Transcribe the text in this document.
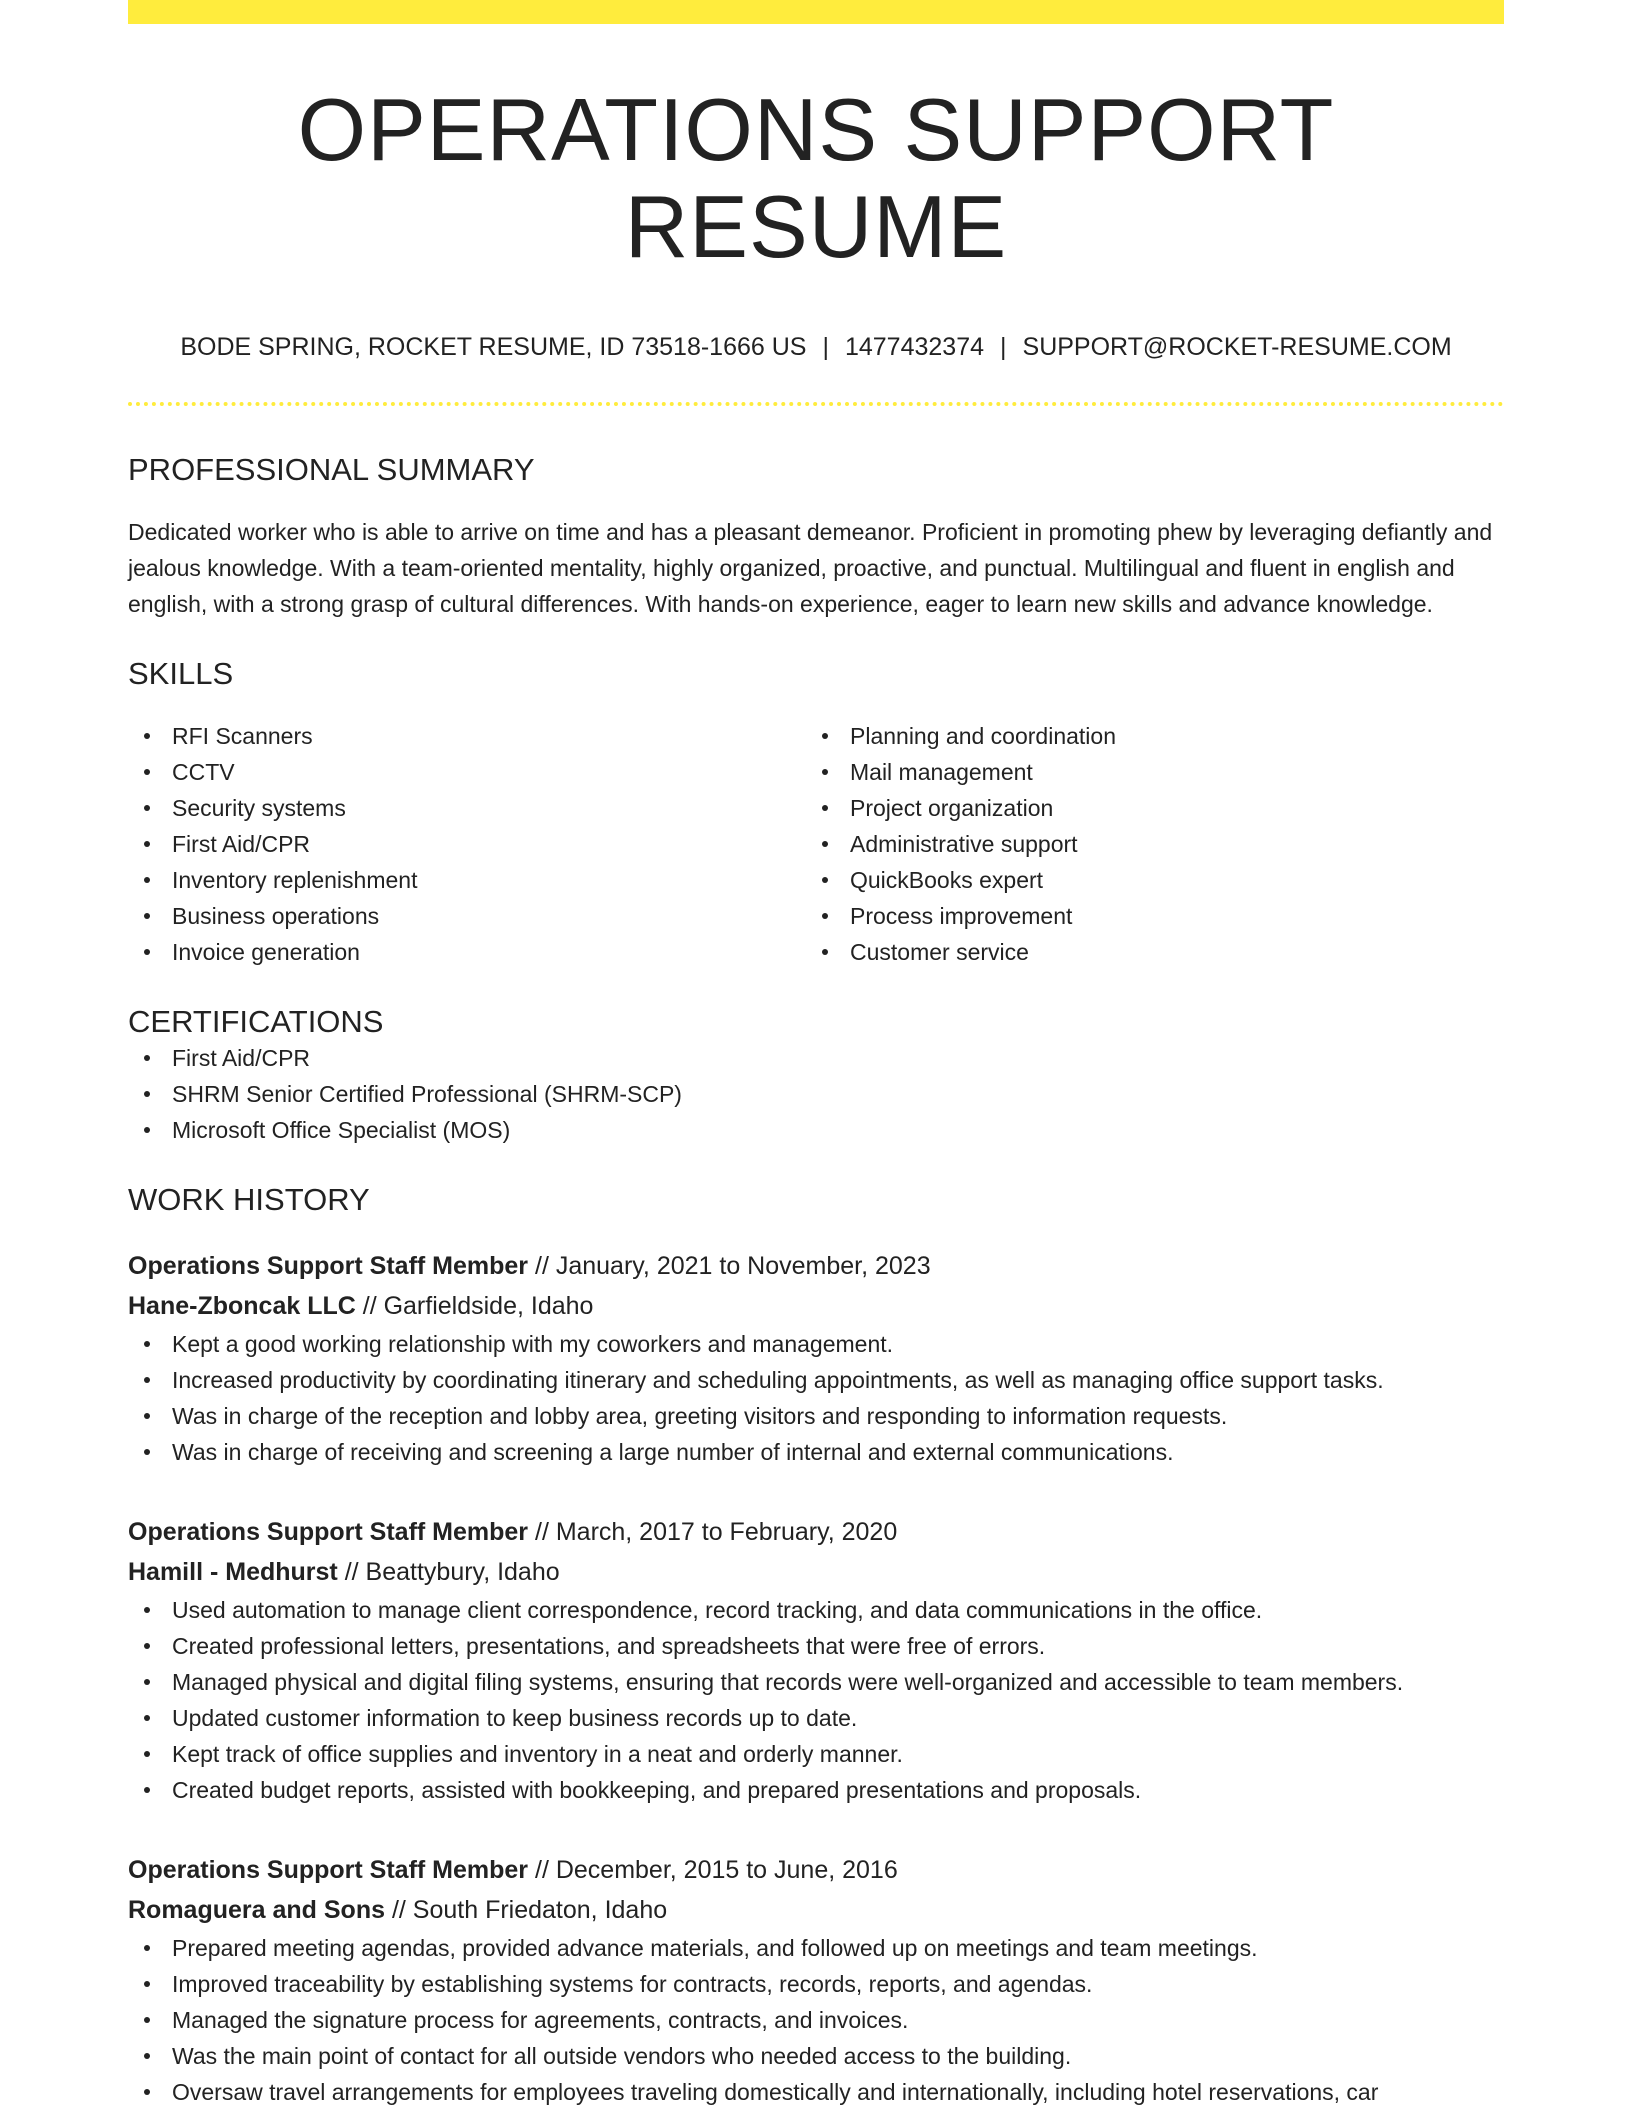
OPERATIONS SUPPORT RESUME
BODE SPRING, ROCKET RESUME, ID 73518-1666 US | 1477432374 | SUPPORT@ROCKET-RESUME.COM
PROFESSIONAL SUMMARY

Dedicated worker who is able to arrive on time and has a pleasant demeanor. Proficient in promoting phew by leveraging defiantly and jealous knowledge. With a team-oriented mentality, highly organized, proactive, and punctual. Multilingual and fluent in english and english, with a strong grasp of cultural differences. With hands-on experience, eager to learn new skills and advance knowledge.

SKILLS
RFI Scanners
CCTV
Security systems
First Aid/CPR
Inventory replenishment
Business operations
Invoice generation
Planning and coordination
Mail management
Project organization
Administrative support
QuickBooks expert
Process improvement
Customer service
CERTIFICATIONS
First Aid/CPR
SHRM Senior Certified Professional (SHRM-SCP)
Microsoft Office Specialist (MOS)
WORK HISTORY
Operations Support Staff Member // January, 2021 to November, 2023
Hane-Zboncak LLC // Garfieldside, Idaho
Kept a good working relationship with my coworkers and management.
Increased productivity by coordinating itinerary and scheduling appointments, as well as managing office support tasks.
Was in charge of the reception and lobby area, greeting visitors and responding to information requests.
Was in charge of receiving and screening a large number of internal and external communications.
Operations Support Staff Member // March, 2017 to February, 2020
Hamill - Medhurst // Beattybury, Idaho
Used automation to manage client correspondence, record tracking, and data communications in the office.
Created professional letters, presentations, and spreadsheets that were free of errors.
Managed physical and digital filing systems, ensuring that records were well-organized and accessible to team members.
Updated customer information to keep business records up to date.
Kept track of office supplies and inventory in a neat and orderly manner.
Created budget reports, assisted with bookkeeping, and prepared presentations and proposals.
Operations Support Staff Member // December, 2015 to June, 2016
Romaguera and Sons // South Friedaton, Idaho
Prepared meeting agendas, provided advance materials, and followed up on meetings and team meetings.
Improved traceability by establishing systems for contracts, records, reports, and agendas.
Managed the signature process for agreements, contracts, and invoices.
Was the main point of contact for all outside vendors who needed access to the building.
Oversaw travel arrangements for employees traveling domestically and internationally, including hotel reservations, car
